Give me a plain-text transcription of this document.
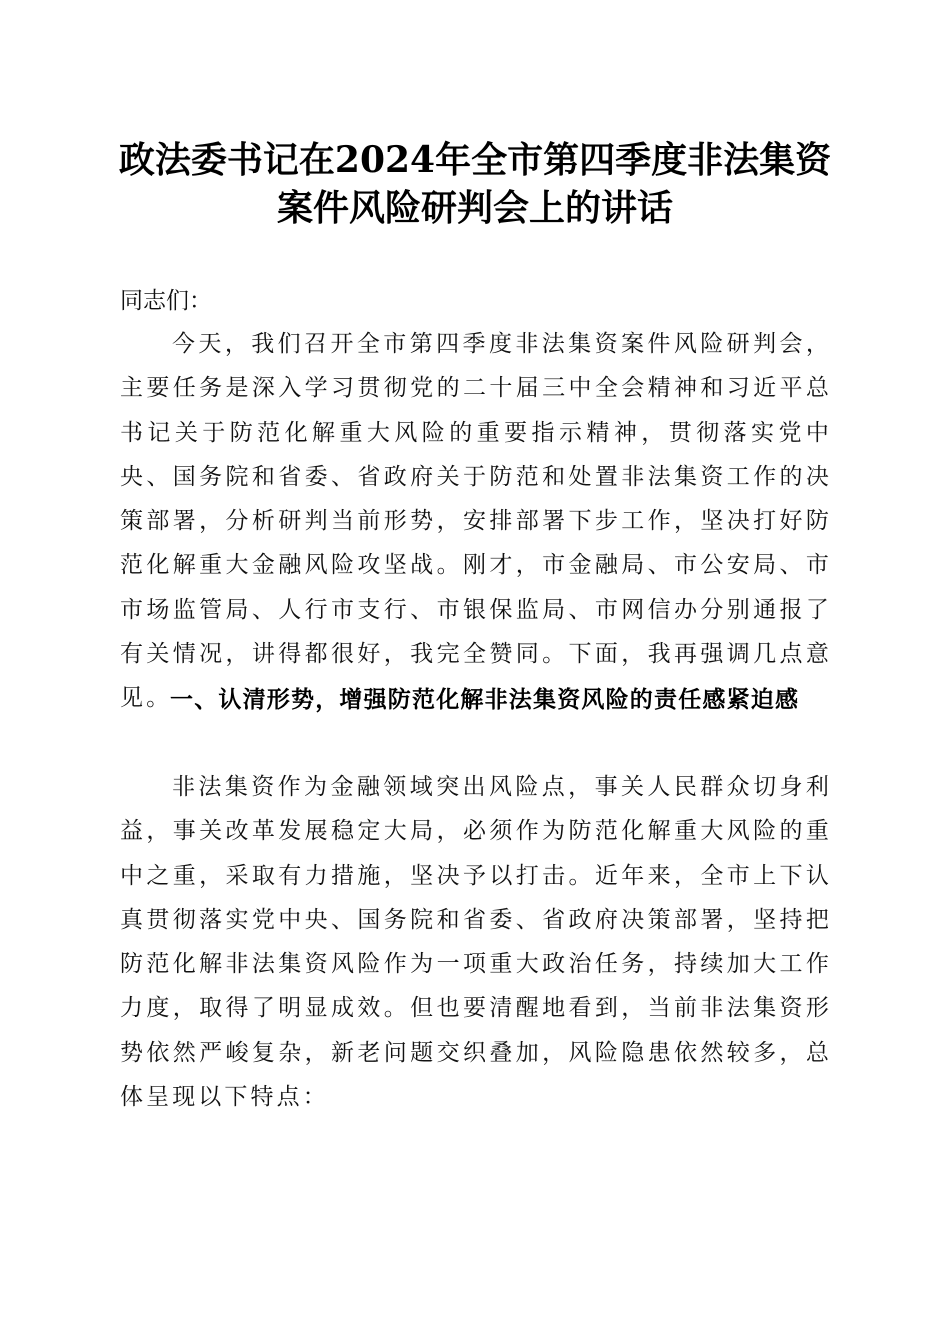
政法委书记在2024年全市第四季度非法集资
案件风险研判会上的讲话
同志们：

今天，我们召开全市第四季度非法集资案件风险研判会，主要任务是深入学习贯彻党的二十届三中全会精神和习近平总书记关于防范化解重大风险的重要指示精神，贯彻落实党中央、国务院和省委、省政府关于防范和处置非法集资工作的决策部署，分析研判当前形势，安排部署下步工作，坚决打好防范化解重大金融风险攻坚战。刚才，市金融局、市公安局、市市场监管局、人行市支行、市银保监局、市网信办分别通报了有关情况，讲得都很好，我完全赞同。下面，我再强调几点意见。

一、认清形势，增强防范化解非法集资风险的责任感紧迫感

非法集资作为金融领域突出风险点，事关人民群众切身利益，事关改革发展稳定大局，必须作为防范化解重大风险的重中之重，采取有力措施，坚决予以打击。近年来，全市上下认真贯彻落实党中央、国务院和省委、省政府决策部署，坚持把防范化解非法集资风险作为一项重大政治任务，持续加大工作力度，取得了明显成效。但也要清醒地看到，当前非法集资形势依然严峻复杂，新老问题交织叠加，风险隐患依然较多，总体呈现以下特点：
